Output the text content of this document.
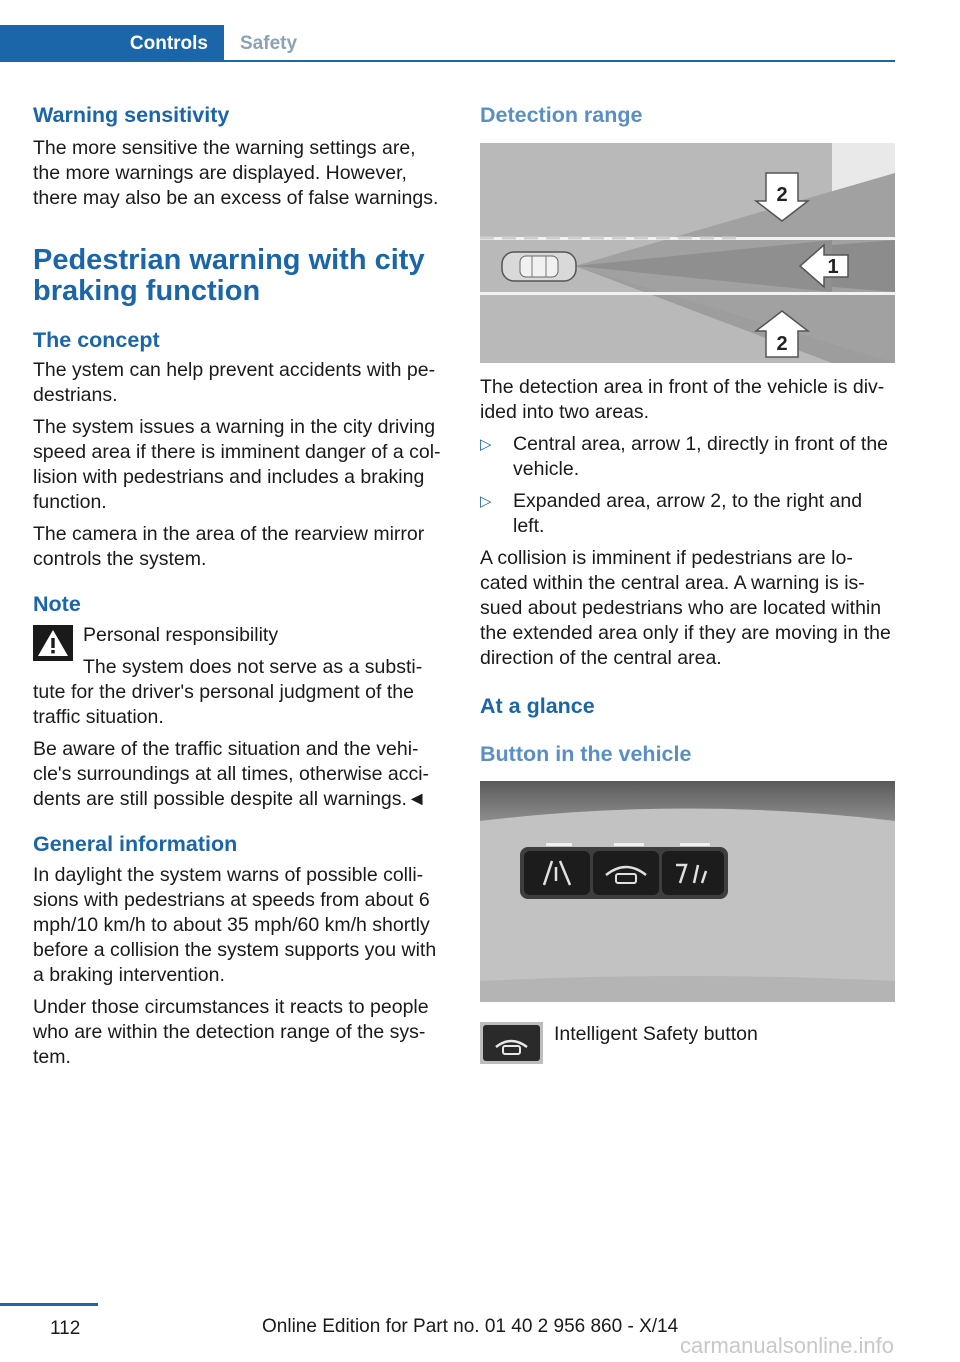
Controls Safety
Warning sensitivity

The more sensitive the warning settings are, the more warnings are displayed. However, there may also be an excess of false warnings.

Pedestrian warning with city braking function
The concept

The ystem can help prevent accidents with pe-destrians.

The system issues a warning in the city driving speed area if there is imminent danger of a col-lision with pedestrians and includes a braking function.

The camera in the area of the rearview mirror controls the system.

Note

Personal responsibility

The system does not serve as a substi-tute for the driver's personal judgment of the traffic situation.

Be aware of the traffic situation and the vehi-cle's surroundings at all times, otherwise acci-dents are still possible despite all warnings.◄

General information

In daylight the system warns of possible colli-sions with pedestrians at speeds from about 6 mph/10 km/h to about 35 mph/60 km/h shortly before a collision the system supports you with a braking intervention.

Under those circumstances it reacts to people who are within the detection range of the sys-tem.

Detection range
2
1
2

The detection area in front of the vehicle is div-ided into two areas.

▷ Central area, arrow 1, directly in front of the vehicle.
▷ Expanded area, arrow 2, to the right and left.

A collision is imminent if pedestrians are lo-cated within the central area. A warning is is-sued about pedestrians who are located within the extended area only if they are moving in the direction of the central area.

At a glance
Button in the vehicle

Intelligent Safety button

112	Online Edition for Part no. 01 40 2 956 860 - X/14
carmanualsonline.info
